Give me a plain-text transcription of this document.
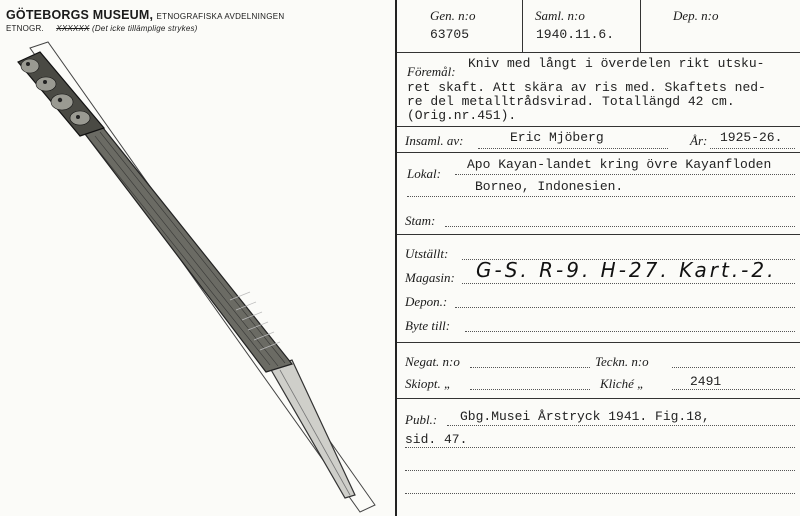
GÖTEBORGS MUSEUM, ETNOGRAFISKA AVDELNINGEN
ETNOGR. XXXXXX (Det icke tillämplige strykes)
Gen. n:o	Saml. n:o	Dep. n:o
63705	1940.11.6.
Föremål:
Kniv med långt i överdelen rikt utsku-
ret skaft. Att skära av ris med. Skaftets ned-
re del metalltrådsvirad. Totallängd 42 cm.
(Orig.nr.451).
Insaml. av:	Eric Mjöberg	År: 1925-26.
Lokal:
Apo Kayan-landet kring övre Kayanfloden
Borneo, Indonesien.
Stam:
Utställt:
Magasin: G-S. R-9. H-27. Kart.-2.
Depon.:
Byte till:
Negat. n:o	Teckn. n:o
Skiopt. „	Kliché „	2491
Publ.: Gbg.Musei Årstryck 1941. Fig.18,
sid. 47.
